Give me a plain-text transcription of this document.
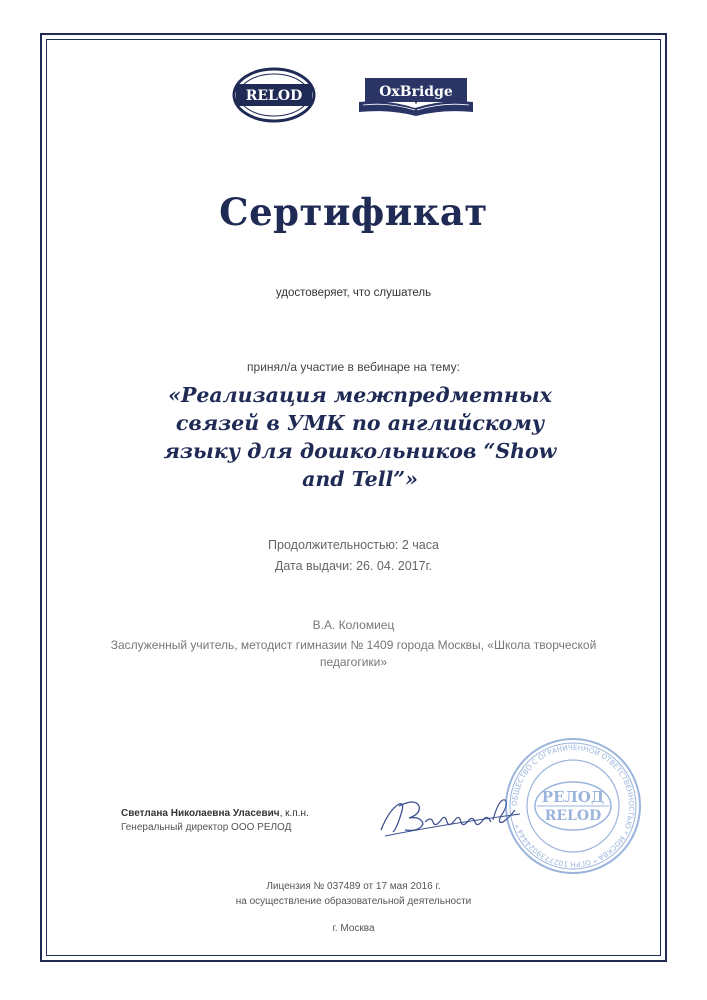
RELOD	OxBridge
Сертификат
удостоверяет, что слушатель
принял/а участие в вебинаре на тему:
«Реализация межпредметных
связей в УМК по английскому
языку для дошкольников “Show
and Tell”»
Продолжительностью: 2 часа
Дата выдачи: 26. 04. 2017г.
В.А. Коломиец
Заслуженный учитель, методист гимназии № 1409 города Москвы, «Школа творческой педагогики»
Светлана Николаевна Уласевич, к.п.н.
Генеральный директор ООО РЕЛОД
ОБЩЕСТВО С ОГРАНИЧЕННОЙ ОТВЕТСТВЕННОСТЬЮ * МОСКВА * ОГРН 1027739024444 *
РЕЛОД
RELOD
Лицензия № 037489 от 17 мая 2016 г.
на осуществление образовательной деятельности
г. Москва
